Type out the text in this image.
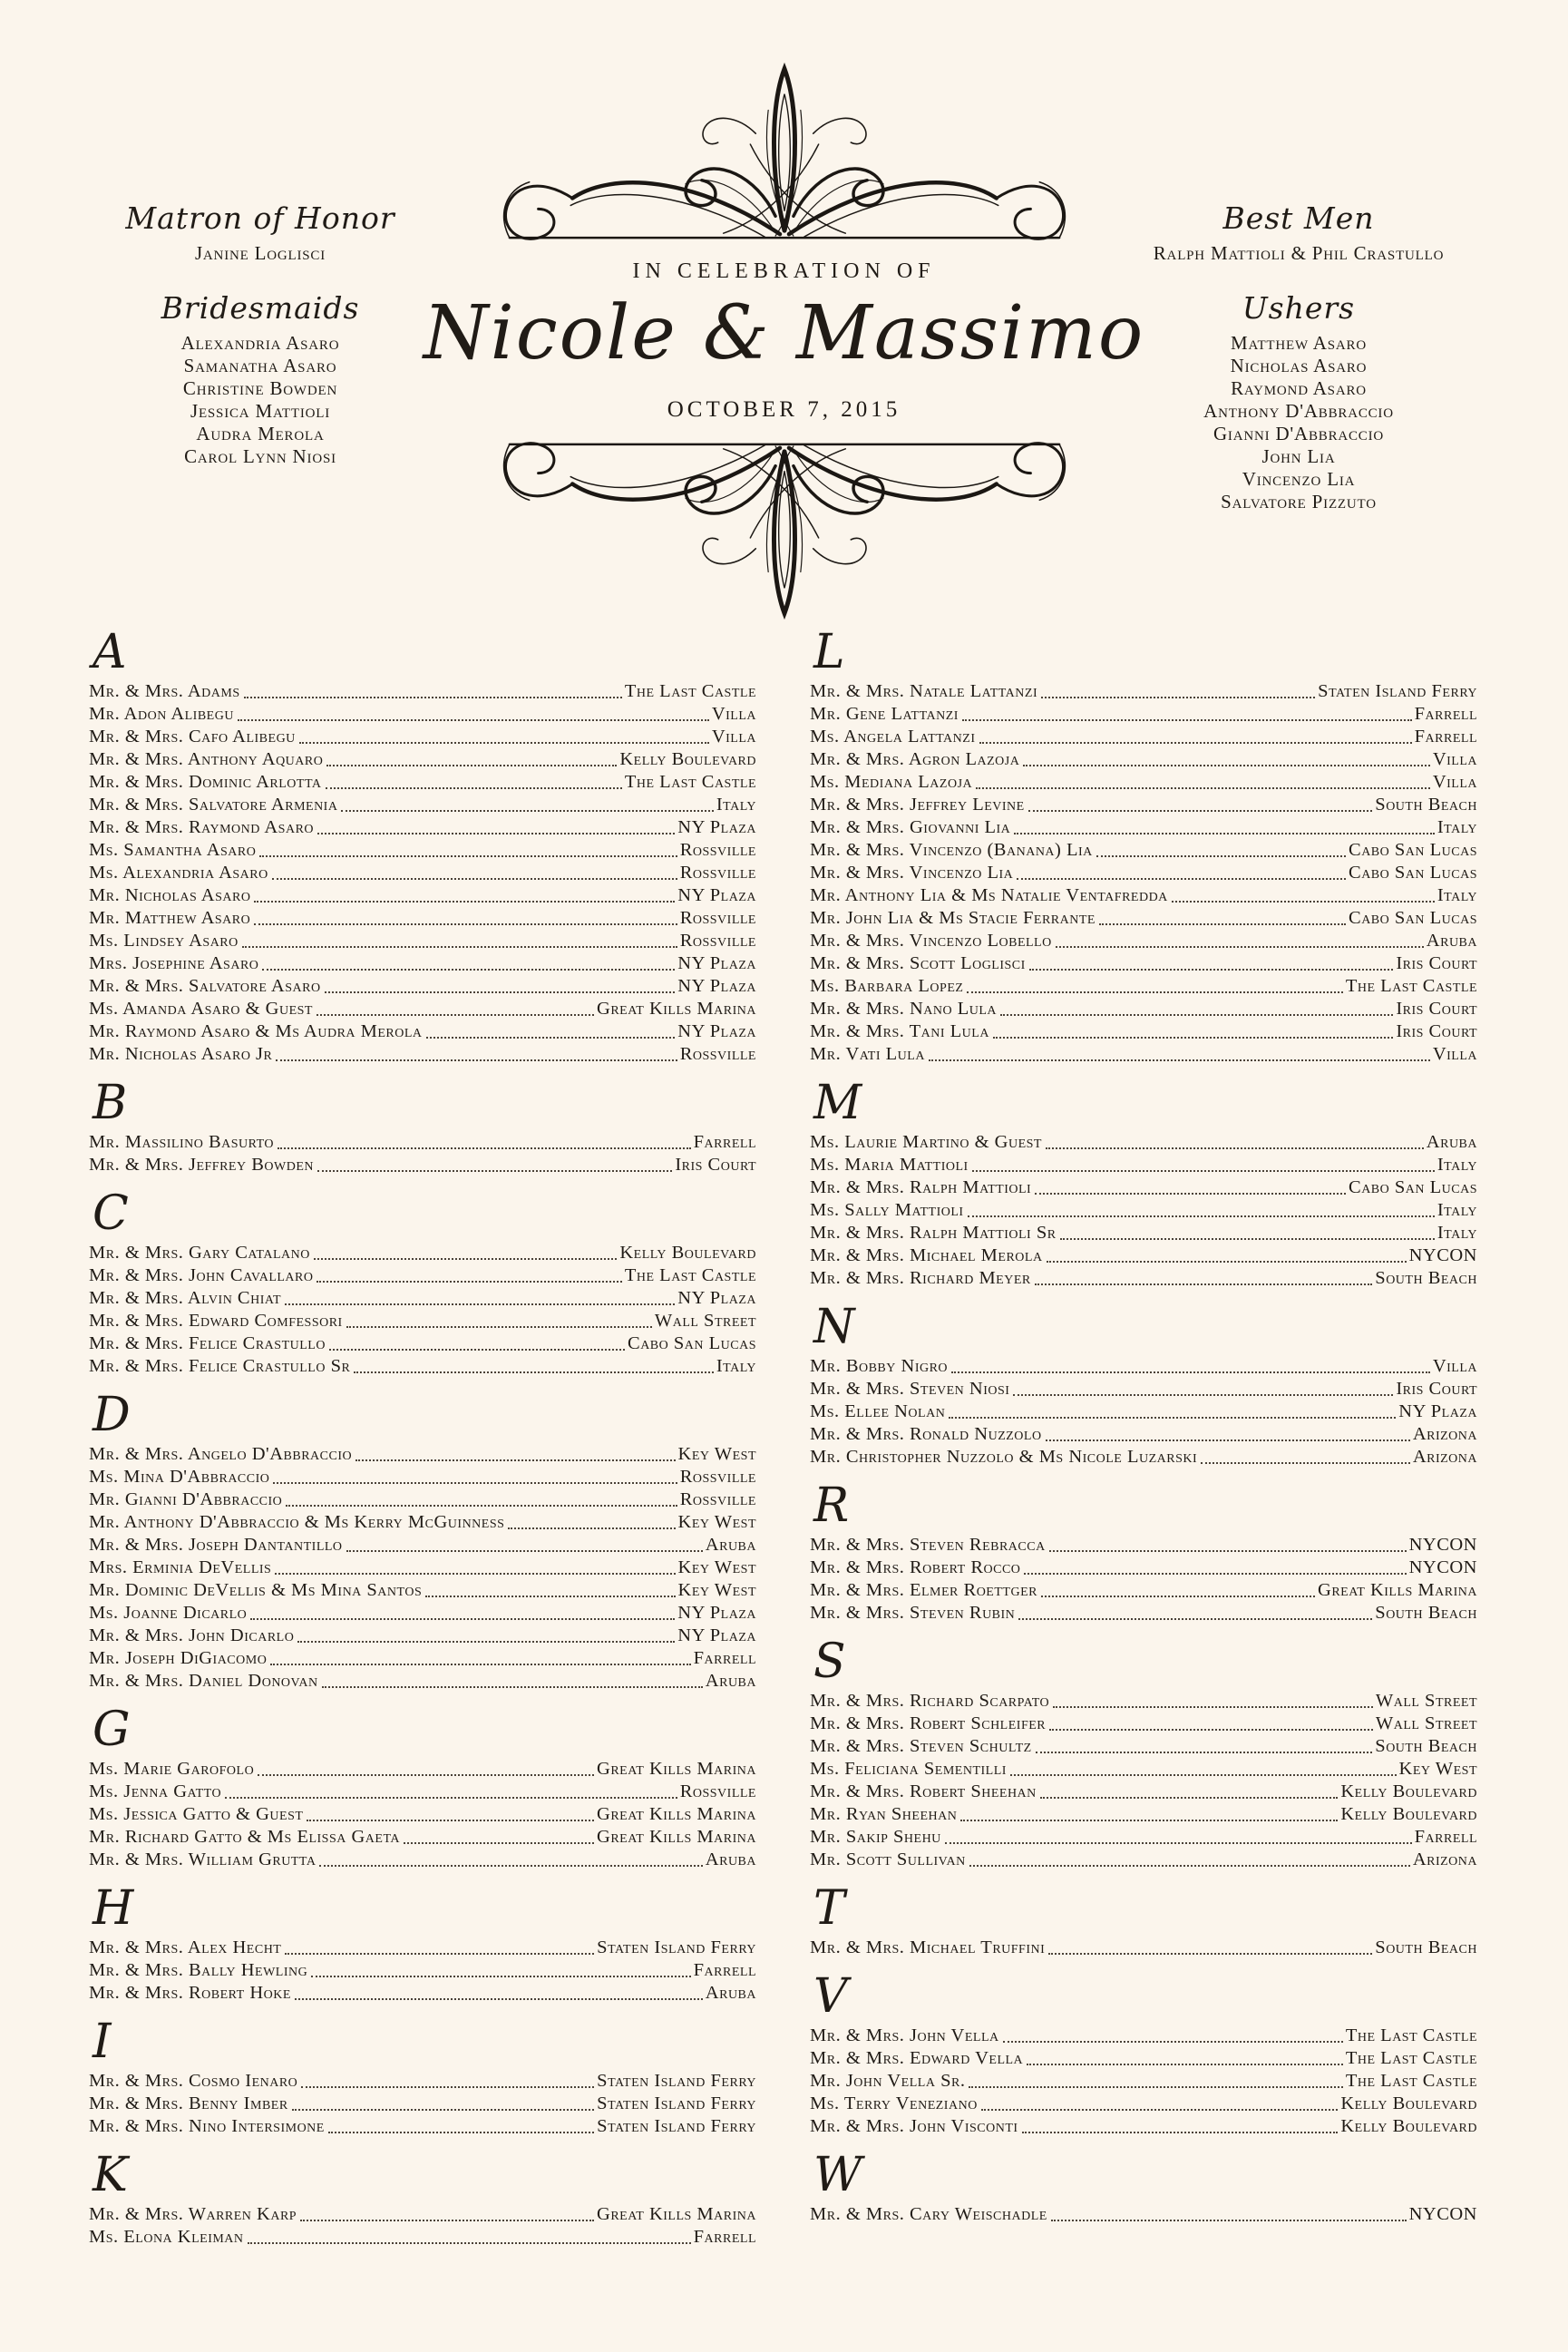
IN CELEBRATION OF
Nicole & Massimo
OCTOBER 7, 2015
Matron of Honor
Janine Loglisci
Bridesmaids
Alexandria Asaro
Samanatha Asaro
Christine Bowden
Jessica Mattioli
Audra Merola
Carol Lynn Niosi
Best Men
Ralph Mattioli & Phil Crastullo
Ushers
Matthew Asaro
Nicholas Asaro
Raymond Asaro
Anthony D'Abbraccio
Gianni D'Abbraccio
John Lia
Vincenzo Lia
Salvatore Pizzuto
A
Mr. & Mrs. Adams	The Last Castle
Mr. Adon Alibegu	Villa
Mr. & Mrs. Cafo Alibegu	Villa
Mr. & Mrs. Anthony Aquaro	Kelly Boulevard
Mr. & Mrs. Dominic Arlotta	The Last Castle
Mr. & Mrs. Salvatore Armenia	Italy
Mr. & Mrs. Raymond Asaro	NY Plaza
Ms. Samantha Asaro	Rossville
Ms. Alexandria Asaro	Rossville
Mr. Nicholas Asaro	NY Plaza
Mr. Matthew Asaro	Rossville
Ms. Lindsey Asaro	Rossville
Mrs. Josephine Asaro	NY Plaza
Mr. & Mrs. Salvatore Asaro	NY Plaza
Ms. Amanda Asaro & Guest	Great Kills Marina
Mr. Raymond Asaro & Ms Audra Merola	NY Plaza
Mr. Nicholas Asaro Jr	Rossville
B
Mr. Massilino Basurto	Farrell
Mr. & Mrs. Jeffrey Bowden	Iris Court
C
Mr. & Mrs. Gary Catalano	Kelly Boulevard
Mr. & Mrs. John Cavallaro	The Last Castle
Mr. & Mrs. Alvin Chiat	NY Plaza
Mr. & Mrs. Edward Comfessori	Wall Street
Mr. & Mrs. Felice Crastullo	Cabo San Lucas
Mr. & Mrs. Felice Crastullo Sr	Italy
D
Mr. & Mrs. Angelo D'Abbraccio	Key West
Ms. Mina D'Abbraccio	Rossville
Mr. Gianni D'Abbraccio	Rossville
Mr. Anthony D'Abbraccio & Ms Kerry McGuinness	Key West
Mr. & Mrs. Joseph Dantantillo	Aruba
Mrs. Erminia DeVellis	Key West
Mr. Dominic DeVellis & Ms Mina Santos	Key West
Ms. Joanne Dicarlo	NY Plaza
Mr. & Mrs. John Dicarlo	NY Plaza
Mr. Joseph DiGiacomo	Farrell
Mr. & Mrs. Daniel Donovan	Aruba
G
Ms. Marie Garofolo	Great Kills Marina
Ms. Jenna Gatto	Rossville
Ms. Jessica Gatto & Guest	Great Kills Marina
Mr. Richard Gatto & Ms Elissa Gaeta	Great Kills Marina
Mr. & Mrs. William Grutta	Aruba
H
Mr. & Mrs. Alex Hecht	Staten Island Ferry
Mr. & Mrs. Bally Hewling	Farrell
Mr. & Mrs. Robert Hoke	Aruba
I
Mr. & Mrs. Cosmo Ienaro	Staten Island Ferry
Mr. & Mrs. Benny Imber	Staten Island Ferry
Mr. & Mrs. Nino Intersimone	Staten Island Ferry
K
Mr. & Mrs. Warren Karp	Great Kills Marina
Ms. Elona Kleiman	Farrell
L
Mr. & Mrs. Natale Lattanzi	Staten Island Ferry
Mr. Gene Lattanzi	Farrell
Ms. Angela Lattanzi	Farrell
Mr. & Mrs. Agron Lazoja	Villa
Ms. Mediana Lazoja	Villa
Mr. & Mrs. Jeffrey Levine	South Beach
Mr. & Mrs. Giovanni Lia	Italy
Mr. & Mrs. Vincenzo (Banana) Lia	Cabo San Lucas
Mr. & Mrs. Vincenzo Lia	Cabo San Lucas
Mr. Anthony Lia & Ms Natalie Ventafredda	Italy
Mr. John Lia & Ms Stacie Ferrante	Cabo San Lucas
Mr. & Mrs. Vincenzo Lobello	Aruba
Mr. & Mrs. Scott Loglisci	Iris Court
Ms. Barbara Lopez	The Last Castle
Mr. & Mrs. Nano Lula	Iris Court
Mr. & Mrs. Tani Lula	Iris Court
Mr. Vati Lula	Villa
M
Ms. Laurie Martino & Guest	Aruba
Ms. Maria Mattioli	Italy
Mr. & Mrs. Ralph Mattioli	Cabo San Lucas
Ms. Sally Mattioli	Italy
Mr. & Mrs. Ralph Mattioli Sr	Italy
Mr. & Mrs. Michael Merola	NYCON
Mr. & Mrs. Richard Meyer	South Beach
N
Mr. Bobby Nigro	Villa
Mr. & Mrs. Steven Niosi	Iris Court
Ms. Ellee Nolan	NY Plaza
Mr. & Mrs. Ronald Nuzzolo	Arizona
Mr. Christopher Nuzzolo & Ms Nicole Luzarski	Arizona
R
Mr. & Mrs. Steven Rebracca	NYCON
Mr. & Mrs. Robert Rocco	NYCON
Mr. & Mrs. Elmer Roettger	Great Kills Marina
Mr. & Mrs. Steven Rubin	South Beach
S
Mr. & Mrs. Richard Scarpato	Wall Street
Mr. & Mrs. Robert Schleifer	Wall Street
Mr. & Mrs. Steven Schultz	South Beach
Ms. Feliciana Sementilli	Key West
Mr. & Mrs. Robert Sheehan	Kelly Boulevard
Mr. Ryan Sheehan	Kelly Boulevard
Mr. Sakip Shehu	Farrell
Mr. Scott Sullivan	Arizona
T
Mr. & Mrs. Michael Truffini	South Beach
V
Mr. & Mrs. John Vella	The Last Castle
Mr. & Mrs. Edward Vella	The Last Castle
Mr. John Vella Sr.	The Last Castle
Ms. Terry Veneziano	Kelly Boulevard
Mr. & Mrs. John Visconti	Kelly Boulevard
W
Mr. & Mrs. Cary Weischadle	NYCON
